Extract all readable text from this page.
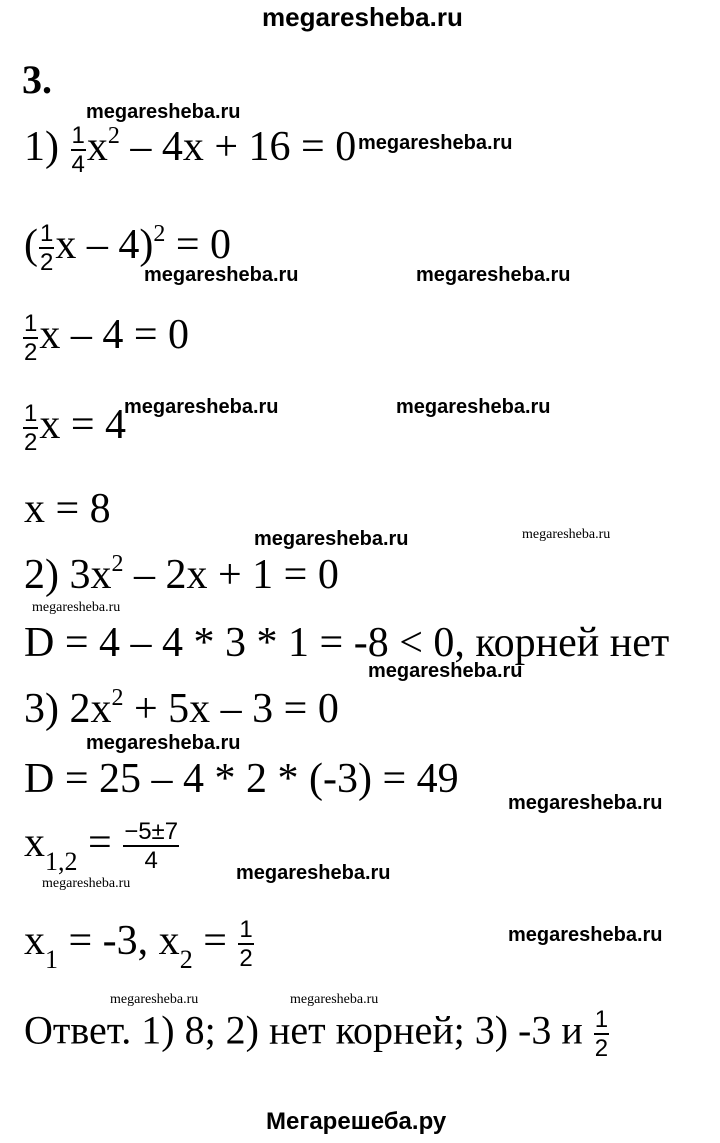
megaresheba.ru
3.
$1) \frac{1}{4} x^2 - 4x + 16 = 0$
( $\frac{1}{2}$ x – 4)$^2$ = 0
$\frac{1}{2}$ x – 4 = 0
$\frac{1}{2}$ x = 4
x = 8
2) $3x^2 - 2x + 1 = 0$
D = 4 – 4 * 3 * 1 = -8 < 0, корней нет
3) $2x^2 + 5x - 3 = 0$
D = 25 – 4 * 2 * (-3) = 49
$x_{1,2} = \frac{-5\pm 7}{4}$
$x_1 = -3$, $x_2 = \frac{1}{2}$
Ответ. 1) 8; 2) нет корней; 3) -3 и $\frac{1}{2}$
megaresheba.ru
megaresheba.ru
megaresheba.ru	megaresheba.ru
megaresheba.ru	megaresheba.ru
megaresheba.ru	megaresheba.ru
megaresheba.ru
megaresheba.ru
megaresheba.ru
megaresheba.ru
megaresheba.ru	megaresheba.ru
megaresheba.ru
megaresheba.ru	megaresheba.ru
Мегарешеба.ру
